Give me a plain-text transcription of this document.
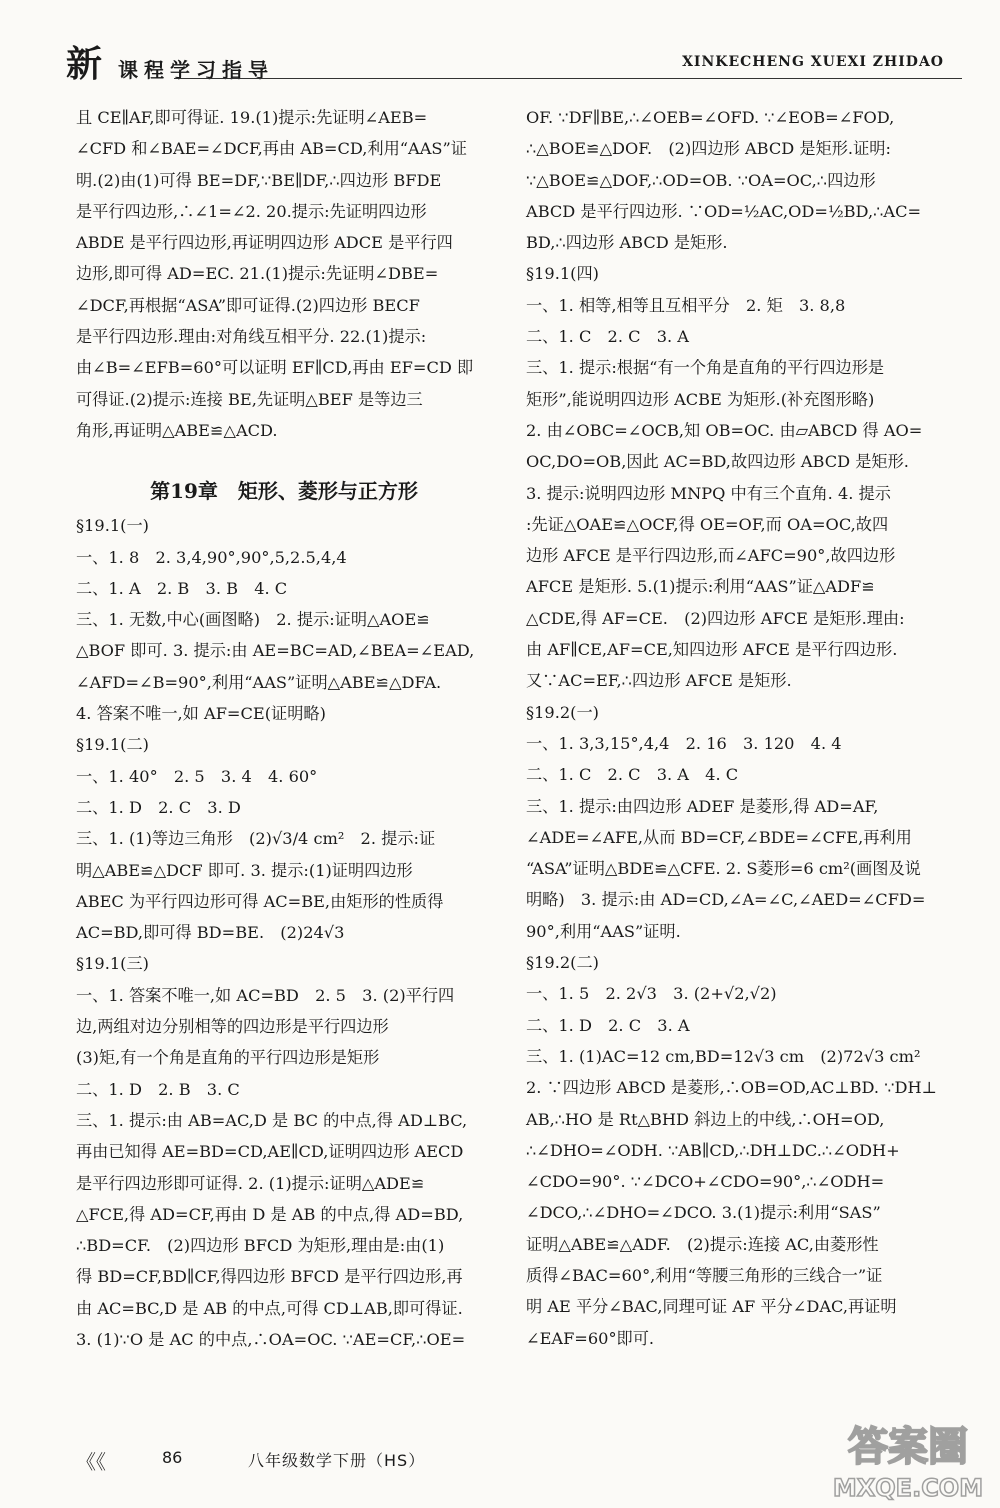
新 课程学习指导	XINKECHENG XUEXI ZHIDAO

且 CE∥AF,即可得证. 19.(1)提示:先证明∠AEB=

∠CFD 和∠BAE=∠DCF,再由 AB=CD,利用“AAS”证

明.(2)由(1)可得 BE=DF,∵BE∥DF,∴四边形 BFDE

是平行四边形,∴∠1=∠2. 20.提示:先证明四边形

ABDE 是平行四边形,再证明四边形 ADCE 是平行四

边形,即可得 AD=EC. 21.(1)提示:先证明∠DBE=

∠DCF,再根据“ASA”即可证得.(2)四边形 BECF

是平行四边形.理由:对角线互相平分. 22.(1)提示:

由∠B=∠EFB=60°可以证明 EF∥CD,再由 EF=CD 即

可得证.(2)提示:连接 BE,先证明△BEF 是等边三

角形,再证明△ABE≌△ACD.

第19章　矩形、菱形与正方形

§19.1(一)

一、1. 8　2. 3,4,90°,90°,5,2.5,4,4

二、1. A　2. B　3. B　4. C

三、1. 无数,中心(画图略)　2. 提示:证明△AOE≌

△BOF 即可. 3. 提示:由 AE=BC=AD,∠BEA=∠EAD,

∠AFD=∠B=90°,利用“AAS”证明△ABE≌△DFA.

4. 答案不唯一,如 AF=CE(证明略)

§19.1(二)

一、1. 40°　2. 5　3. 4　4. 60°

二、1. D　2. C　3. D

三、1. (1)等边三角形　(2)√3/4 cm²　2. 提示:证

明△ABE≌△DCF 即可. 3. 提示:(1)证明四边形

ABEC 为平行四边形可得 AC=BE,由矩形的性质得

AC=BD,即可得 BD=BE.　(2)24√3

§19.1(三)

一、1. 答案不唯一,如 AC=BD　2. 5　3. (2)平行四

边,两组对边分别相等的四边形是平行四边形

(3)矩,有一个角是直角的平行四边形是矩形

二、1. D　2. B　3. C

三、1. 提示:由 AB=AC,D 是 BC 的中点,得 AD⊥BC,

再由已知得 AE=BD=CD,AE∥CD,证明四边形 AECD

是平行四边形即可证得. 2. (1)提示:证明△ADE≌

△FCE,得 AD=CF,再由 D 是 AB 的中点,得 AD=BD,

∴BD=CF.　(2)四边形 BFCD 为矩形,理由是:由(1)

得 BD=CF,BD∥CF,得四边形 BFCD 是平行四边形,再

由 AC=BC,D 是 AB 的中点,可得 CD⊥AB,即可得证.

3. (1)∵O 是 AC 的中点,∴OA=OC. ∵AE=CF,∴OE=

OF. ∵DF∥BE,∴∠OEB=∠OFD. ∵∠EOB=∠FOD,

∴△BOE≌△DOF.　(2)四边形 ABCD 是矩形.证明:

∵△BOE≌△DOF,∴OD=OB. ∵OA=OC,∴四边形

ABCD 是平行四边形. ∵OD=½AC,OD=½BD,∴AC=

BD,∴四边形 ABCD 是矩形.

§19.1(四)

一、1. 相等,相等且互相平分　2. 矩　3. 8,8

二、1. C　2. C　3. A

三、1. 提示:根据“有一个角是直角的平行四边形是

矩形”,能说明四边形 ACBE 为矩形.(补充图形略)

2. 由∠OBC=∠OCB,知 OB=OC. 由▱ABCD 得 AO=

OC,DO=OB,因此 AC=BD,故四边形 ABCD 是矩形.

3. 提示:说明四边形 MNPQ 中有三个直角. 4. 提示

:先证△OAE≌△OCF,得 OE=OF,而 OA=OC,故四

边形 AFCE 是平行四边形,而∠AFC=90°,故四边形

AFCE 是矩形. 5.(1)提示:利用“AAS”证△ADF≌

△CDE,得 AF=CE.　(2)四边形 AFCE 是矩形.理由:

由 AF∥CE,AF=CE,知四边形 AFCE 是平行四边形.

又∵AC=EF,∴四边形 AFCE 是矩形.

§19.2(一)

一、1. 3,3,15°,4,4　2. 16　3. 120　4. 4

二、1. C　2. C　3. A　4. C

三、1. 提示:由四边形 ADEF 是菱形,得 AD=AF,

∠ADE=∠AFE,从而 BD=CF,∠BDE=∠CFE,再利用

“ASA”证明△BDE≌△CFE. 2. S菱形=6 cm²(画图及说

明略)　3. 提示:由 AD=CD,∠A=∠C,∠AED=∠CFD=

90°,利用“AAS”证明.

§19.2(二)

一、1. 5　2. 2√3　3. (2+√2,√2)

二、1. D　2. C　3. A

三、1. (1)AC=12 cm,BD=12√3 cm　(2)72√3 cm²

2. ∵四边形 ABCD 是菱形,∴OB=OD,AC⊥BD. ∵DH⊥

AB,∴HO 是 Rt△BHD 斜边上的中线,∴OH=OD,

∴∠DHO=∠ODH. ∵AB∥CD,∴DH⊥DC.∴∠ODH+

∠CDO=90°. ∵∠DCO+∠CDO=90°,∴∠ODH=

∠DCO,∴∠DHO=∠DCO. 3.(1)提示:利用“SAS”

证明△ABE≌△ADF.　(2)提示:连接 AC,由菱形性

质得∠BAC=60°,利用“等腰三角形的三线合一”证

明 AE 平分∠BAC,同理可证 AF 平分∠DAC,再证明

∠EAF=60°即可.

《《	86	八年级数学下册（HS）	答案圈
MXQE.COM
